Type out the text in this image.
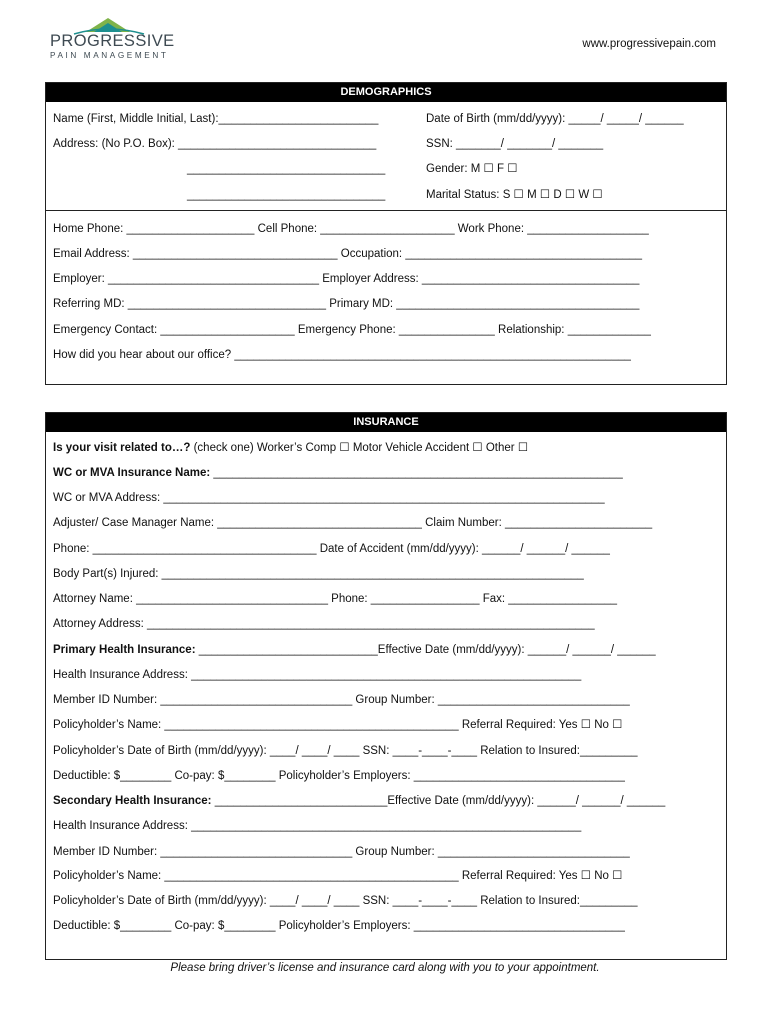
PROGRESSIVE
PAIN MANAGEMENT
www.progressivepain.com
DEMOGRAPHICS
Name (First, Middle Initial, Last):_________________________
Address: (No P.O. Box): _______________________________
_______________________________
_______________________________
Date of Birth (mm/dd/yyyy): _____/ _____/ ______
SSN: _______/ _______/ _______
Gender: M ☐ F ☐
Marital Status: S ☐ M ☐ D ☐ W ☐
Home Phone: ____________________ Cell Phone: _____________________ Work Phone: ___________________
Email Address: ________________________________ Occupation: _____________________________________
Employer: _________________________________ Employer Address: __________________________________
Referring MD: _______________________________ Primary MD: ______________________________________
Emergency Contact: _____________________ Emergency Phone: _______________ Relationship: _____________
How did you hear about our office? ______________________________________________________________
INSURANCE
Is your visit related to…? (check one) Worker’s Comp ☐ Motor Vehicle Accident ☐ Other ☐
WC or MVA Insurance Name: ________________________________________________________________
WC or MVA Address: _____________________________________________________________________
Adjuster/ Case Manager Name: ________________________________ Claim Number: _______________________
Phone: ___________________________________ Date of Accident (mm/dd/yyyy): ______/ ______/ ______
Body Part(s) Injured: __________________________________________________________________
Attorney Name: ______________________________ Phone: _________________ Fax: _________________
Attorney Address: ______________________________________________________________________
Primary Health Insurance: ____________________________Effective Date (mm/dd/yyyy): ______/ ______/ ______
Health Insurance Address: _____________________________________________________________
Member ID Number: ______________________________ Group Number: ______________________________
Policyholder’s Name: ______________________________________________ Referral Required: Yes ☐ No ☐
Policyholder’s Date of Birth (mm/dd/yyyy): ____/ ____/ ____ SSN: ____-____-____ Relation to Insured:_________
Deductible: $________ Co-pay: $________ Policyholder’s Employers: _________________________________
Secondary Health Insurance: ___________________________Effective Date (mm/dd/yyyy): ______/ ______/ ______
Health Insurance Address: _____________________________________________________________
Member ID Number: ______________________________ Group Number: ______________________________
Policyholder’s Name: ______________________________________________ Referral Required: Yes ☐ No ☐
Policyholder’s Date of Birth (mm/dd/yyyy): ____/ ____/ ____ SSN: ____-____-____ Relation to Insured:_________
Deductible: $________ Co-pay: $________ Policyholder’s Employers: _________________________________
Please bring driver’s license and insurance card along with you to your appointment.
